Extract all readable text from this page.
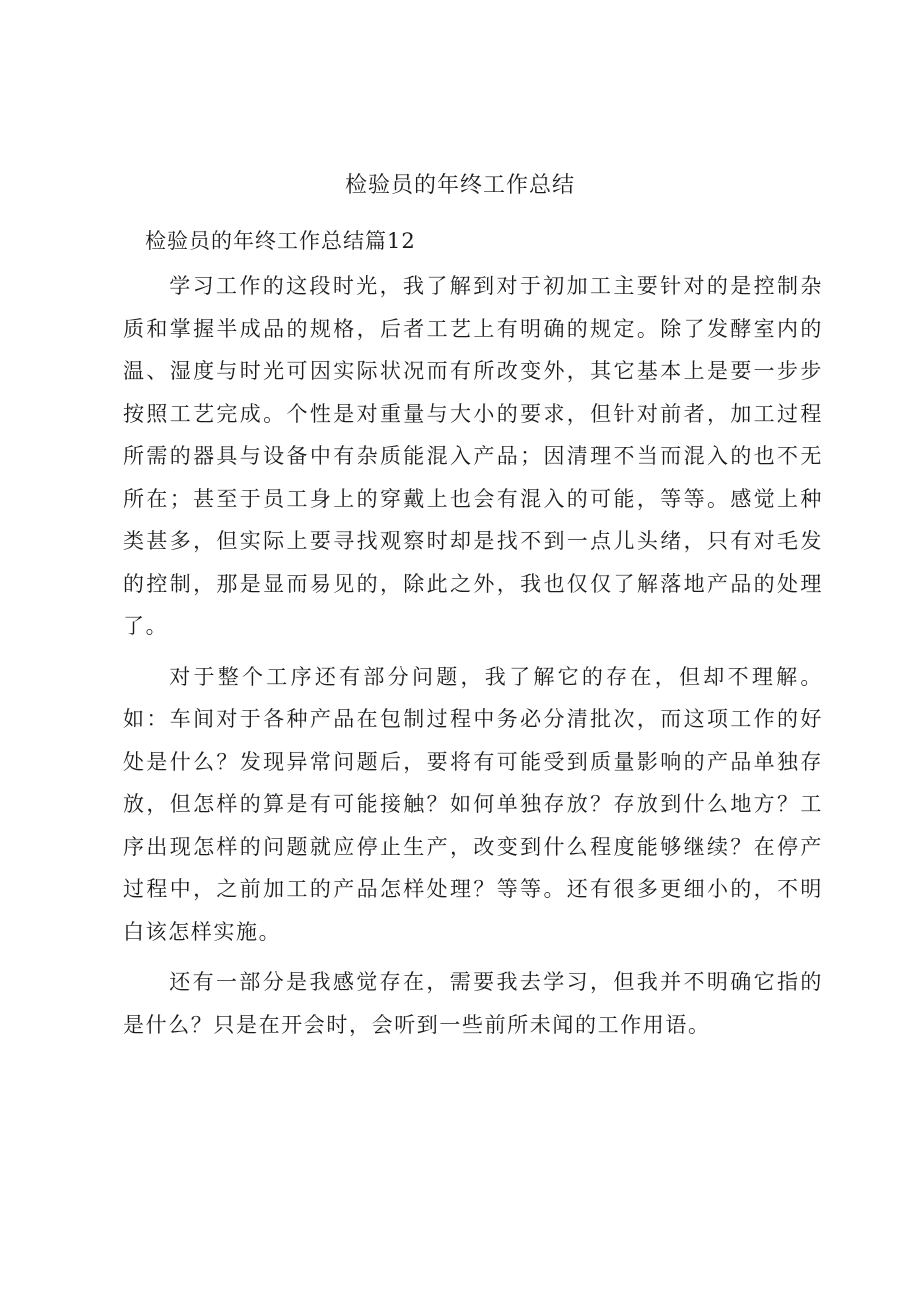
检验员的年终工作总结
检验员的年终工作总结篇12

学习工作的这段时光，我了解到对于初加工主要针对的是控制杂质和掌握半成品的规格，后者工艺上有明确的规定。除了发酵室内的温、湿度与时光可因实际状况而有所改变外，其它基本上是要一步步按照工艺完成。个性是对重量与大小的要求，但针对前者，加工过程所需的器具与设备中有杂质能混入产品；因清理不当而混入的也不无所在；甚至于员工身上的穿戴上也会有混入的可能，等等。感觉上种类甚多，但实际上要寻找观察时却是找不到一点儿头绪，只有对毛发的控制，那是显而易见的，除此之外，我也仅仅了解落地产品的处理了。

对于整个工序还有部分问题，我了解它的存在，但却不理解。如：车间对于各种产品在包制过程中务必分清批次，而这项工作的好处是什么？发现异常问题后，要将有可能受到质量影响的产品单独存放，但怎样的算是有可能接触？如何单独存放？存放到什么地方？工序出现怎样的问题就应停止生产，改变到什么程度能够继续？在停产过程中，之前加工的产品怎样处理？等等。还有很多更细小的，不明白该怎样实施。

还有一部分是我感觉存在，需要我去学习，但我并不明确它指的是什么？只是在开会时，会听到一些前所未闻的工作用语。
